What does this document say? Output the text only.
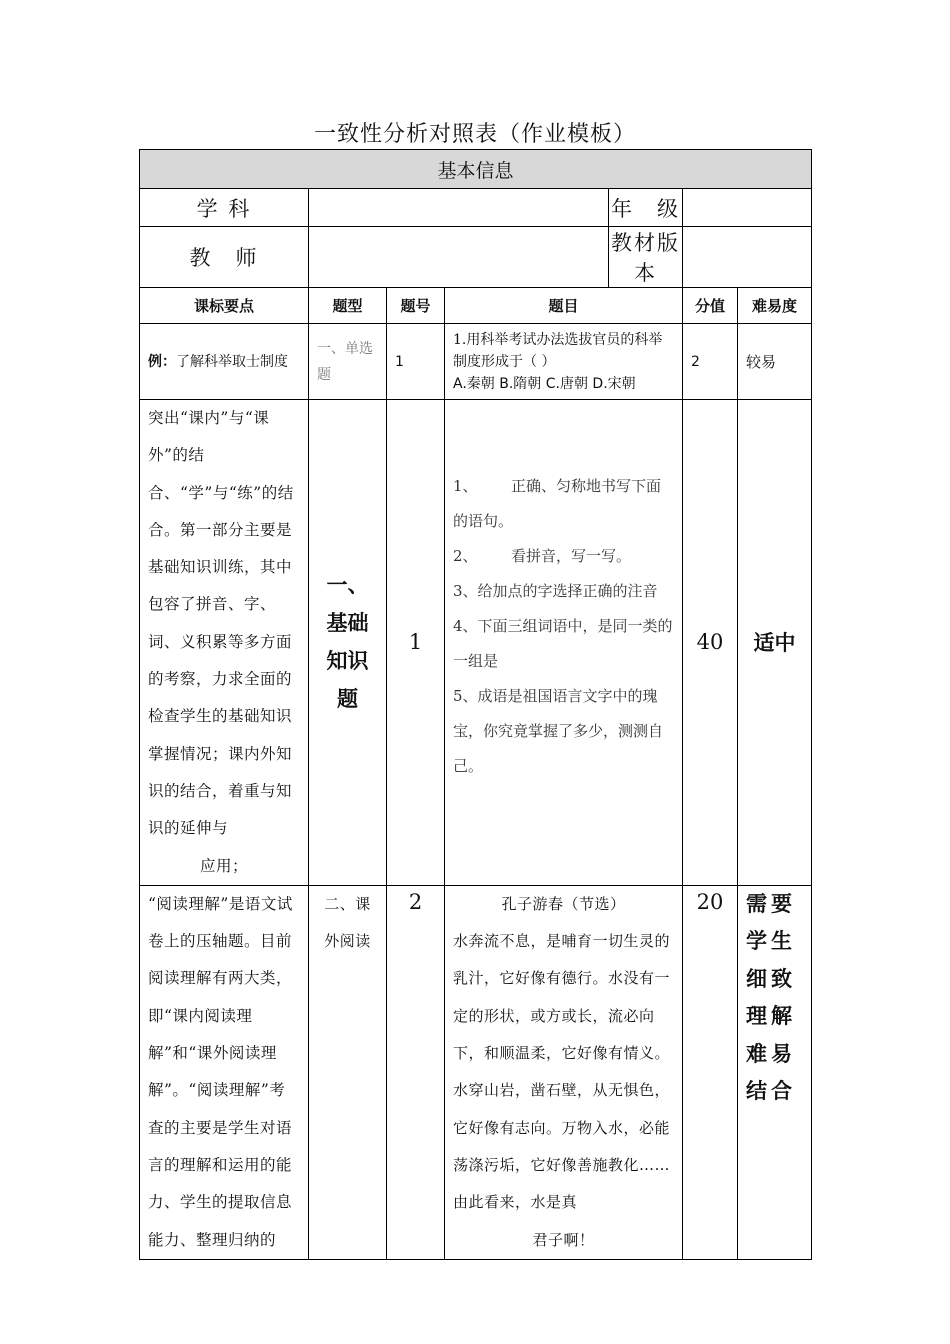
一致性分析对照表（作业模板）
基本信息						
学 科				年　级		
教　师				教材版本		
课标要点	题型	题号	题目		分值	难易度
例：了解科举取士制度	一、单选题	1	1.用科举考试办法选拔官员的科举制度形成于（ ）
A.秦朝 B.隋朝 C.唐朝 D.宋朝		2	较易

突出“课内”与“课外”的结合、“学”与“练”的结合。第一部分主要是基础知识训练，其中包容了拼音、字、词、义积累等多方面的考察，力求全面的检查学生的基础知识掌握情况；课内外知识的结合，着重与知识的延伸与
应用；	一、基础知识题	1	1、 正确、匀称地书写下面的语句。
2、 看拼音，写一写。
3、给加点的字选择正确的注音
4、下面三组词语中，是同一类的一组是
5、成语是祖国语言文字中的瑰宝，你究竟掌握了多少，测测自己。		40	适中
“阅读理解”是语文试卷上的压轴题。目前阅读理解有两大类，即“课内阅读理解”和“课外阅读理解”。“阅读理解”考查的主要是学生对语言的理解和运用的能力、学生的提取信息能力、整理归纳的	二、课外阅读	2	孔子游春（节选）
水奔流不息，是哺育一切生灵的乳汁，它好像有德行。水没有一定的形状，或方或长，流必向下，和顺温柔，它好像有情义。水穿山岩，凿石壁，从无惧色，它好像有志向。万物入水，必能荡涤污垢，它好像善施教化……由此看来，水是真
君子啊！		20	需要学生细致理解难易结合
